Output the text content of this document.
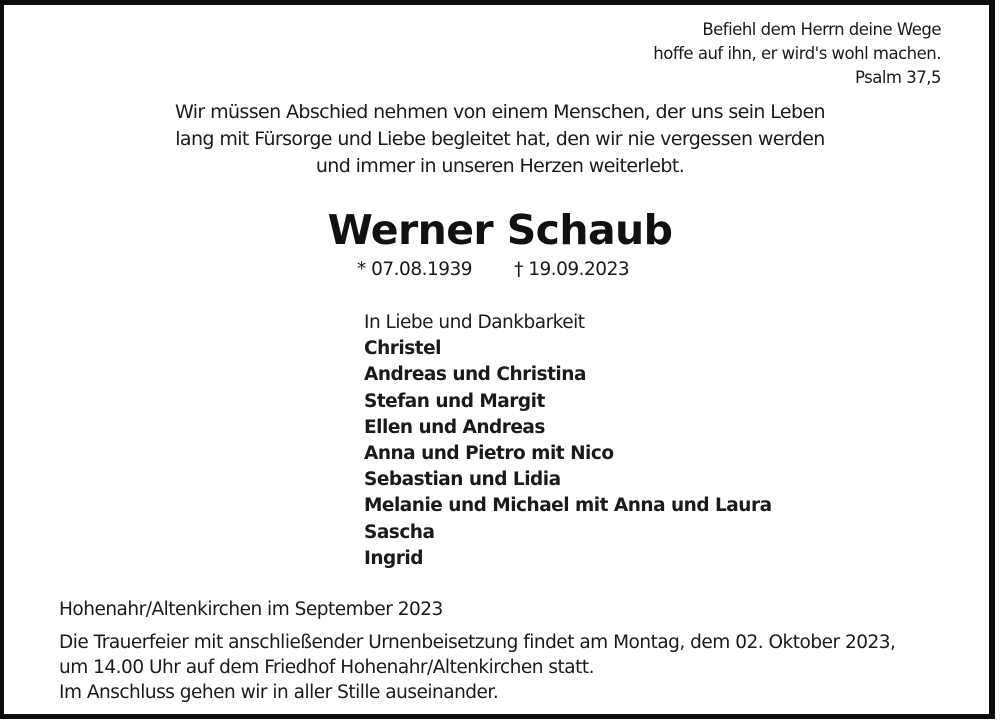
Befiehl dem Herrn deine Wege
hoffe auf ihn, er wird's wohl machen.
Psalm 37,5
Wir müssen Abschied nehmen von einem Menschen, der uns sein Leben
lang mit Fürsorge und Liebe begleitet hat, den wir nie vergessen werden
und immer in unseren Herzen weiterlebt.
Werner Schaub
* 07.08.1939 † 19.09.2023
In Liebe und Dankbarkeit
Christel
Andreas und Christina
Stefan und Margit
Ellen und Andreas
Anna und Pietro mit Nico
Sebastian und Lidia
Melanie und Michael mit Anna und Laura
Sascha
Ingrid
Hohenahr/Altenkirchen im September 2023
Die Trauerfeier mit anschließender Urnenbeisetzung findet am Montag, dem 02. Oktober 2023,
um 14.00 Uhr auf dem Friedhof Hohenahr/Altenkirchen statt.
Im Anschluss gehen wir in aller Stille auseinander.
